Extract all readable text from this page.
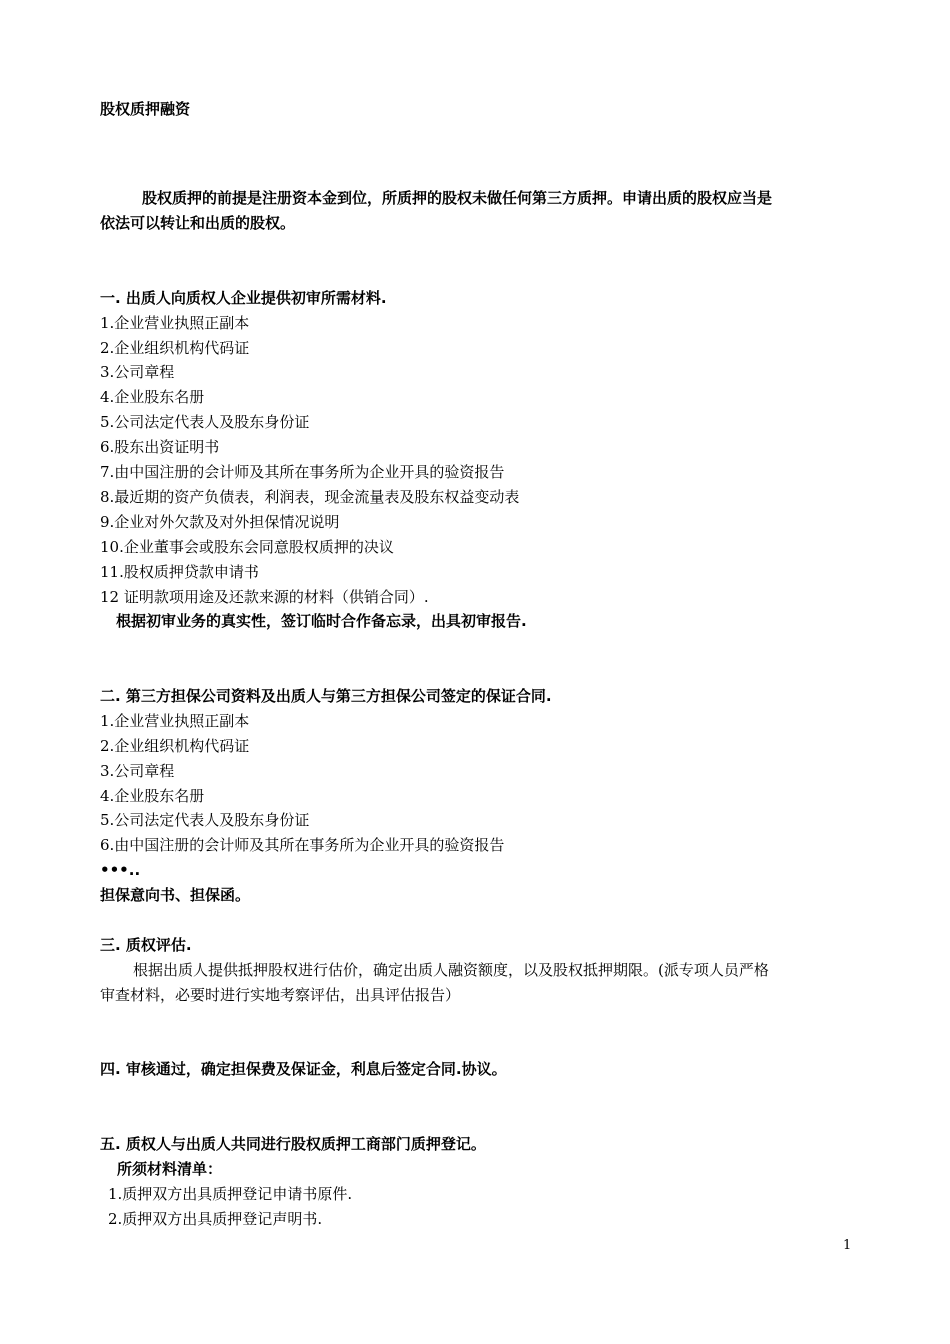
股权质押融资
股权质押的前提是注册资本金到位，所质押的股权未做任何第三方质押。申请出质的股权应当是
依法可以转让和出质的股权。
一. 出质人向质权人企业提供初审所需材料.
1.企业营业执照正副本
2.企业组织机构代码证
3.公司章程
4.企业股东名册
5.公司法定代表人及股东身份证
6.股东出资证明书
7.由中国注册的会计师及其所在事务所为企业开具的验资报告
8.最近期的资产负债表，利润表，现金流量表及股东权益变动表
9.企业对外欠款及对外担保情况说明
10.企业董事会或股东会同意股权质押的决议
11.股权质押贷款申请书
12 证明款项用途及还款来源的材料（供销合同）.
根据初审业务的真实性，签订临时合作备忘录，出具初审报告.
二. 第三方担保公司资料及出质人与第三方担保公司签定的保证合同.
1.企业营业执照正副本
2.企业组织机构代码证
3.公司章程
4.企业股东名册
5.公司法定代表人及股东身份证
6.由中国注册的会计师及其所在事务所为企业开具的验资报告
•••..
担保意向书、担保函。
三. 质权评估.
根据出质人提供抵押股权进行估价，确定出质人融资额度，以及股权抵押期限。(派专项人员严格
审查材料，必要时进行实地考察评估，出具评估报告）
四. 审核通过，确定担保费及保证金，利息后签定合同.协议。
五. 质权人与出质人共同进行股权质押工商部门质押登记。
所须材料清单：
1.质押双方出具质押登记申请书原件.
2.质押双方出具质押登记声明书.
1
